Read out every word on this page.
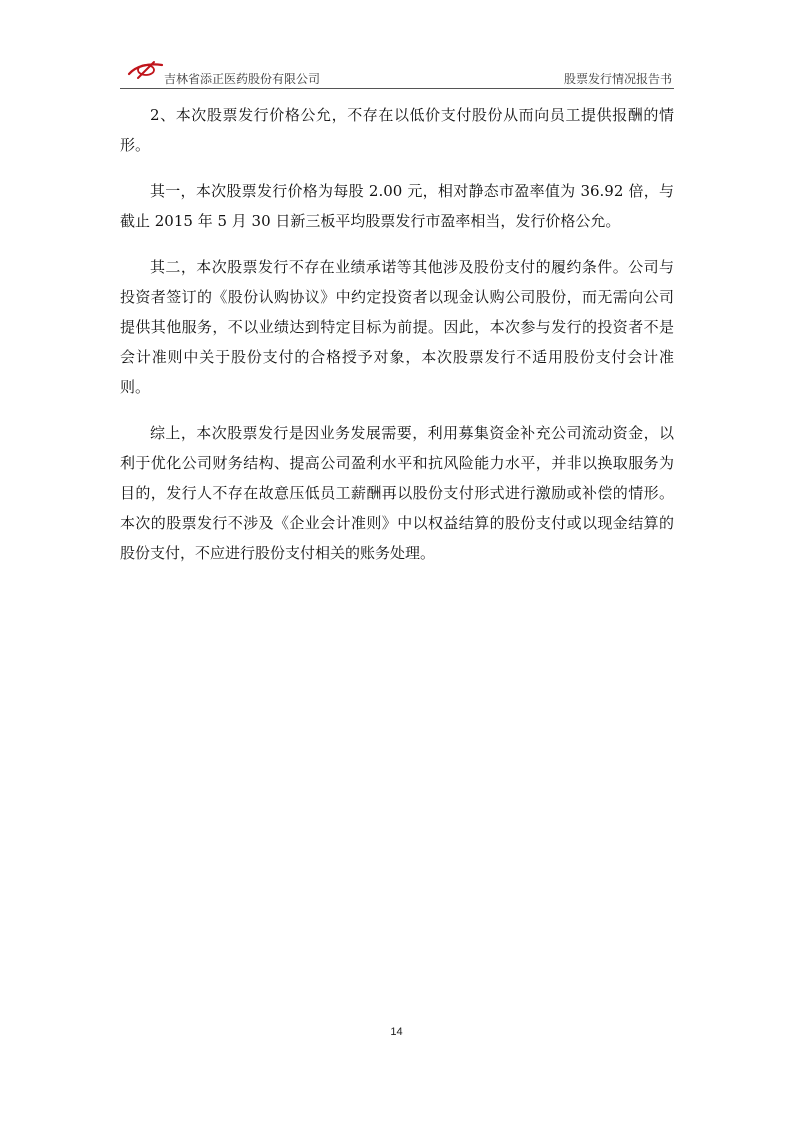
吉林省添正医药股份有限公司	股票发行情况报告书

2、本次股票发行价格公允，不存在以低价支付股份从而向员工提供报酬的情形。

其一，本次股票发行价格为每股 2.00 元，相对静态市盈率值为 36.92 倍，与截止 2015 年 5 月 30 日新三板平均股票发行市盈率相当，发行价格公允。

其二，本次股票发行不存在业绩承诺等其他涉及股份支付的履约条件。公司与投资者签订的《股份认购协议》中约定投资者以现金认购公司股份，而无需向公司提供其他服务，不以业绩达到特定目标为前提。因此，本次参与发行的投资者不是会计准则中关于股份支付的合格授予对象，本次股票发行不适用股份支付会计准则。

综上，本次股票发行是因业务发展需要，利用募集资金补充公司流动资金，以利于优化公司财务结构、提高公司盈利水平和抗风险能力水平，并非以换取服务为目的，发行人不存在故意压低员工薪酬再以股份支付形式进行激励或补偿的情形。本次的股票发行不涉及《企业会计准则》中以权益结算的股份支付或以现金结算的股份支付，不应进行股份支付相关的账务处理。

14
